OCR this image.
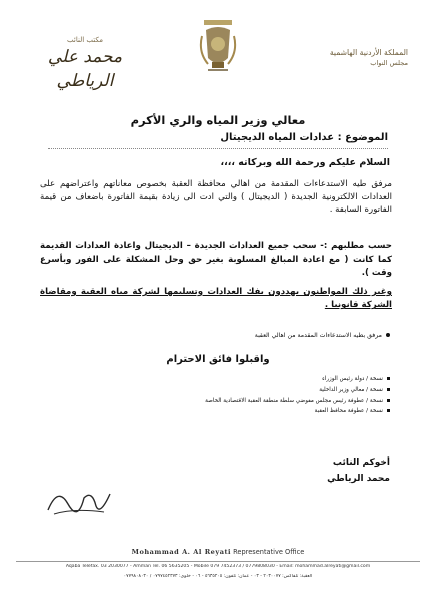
المملكة الأردنية الهاشمية
مجلس النواب
مكتب النائب
محمد علي الرياطي
معالي وزير المياه والري الأكرم
الموضوع : عدادات المياه الديجيتال
السلام عليكم ورحمة الله وبركاته ،،،،
مرفق طيه الاستدعاءات المقدمة من اهالي محافظة العقبة بخصوص معاناتهم واعتراضهم على العدادات الالكترونية الجديدة ( الديجيتال ) والتي ادت الى زيادة بقيمة الفاتورة باضعاف من قيمة الفاتورة السابقة .
حسب مطلبهم :- سحب جميع العدادات الجديدة – الديجيتال واعادة العدادات القديمة كما كانت ( مع اعادة المبالغ المسلوبة بغير حق وحل المشكلة على الفور وبأسرع وقت ).
وغير ذلك المواطنون يهددون بفك العدادات وتسليمها لشركة مياه العقبة ومقاضاة الشركة قانونيا .
مرفق بطيه الاستدعاءات المقدمة من اهالي العقبة
واقبلوا فائق الاحترام
نسخة / دولة رئيس الوزراء
نسخة / معالي وزير الداخلية
نسخة / عطوفة رئيس مجلس مفوضي سلطة منطقة العقبة الاقتصادية الخاصة
نسخة / عطوفة محافظ العقبة
أخوكم النائب
محمد الرياطي
Mohammad A. Al Reyati Representative Office
Aqaba Telefax. 03 2030077 - Amman Tel. 06 5635205 - Mobile 079 7452373 / 0779808030 - Email: mohammad.alreyati@gmail.com
العقبة: تلفاكس: ٢٠٣٠٠٧٧ - ٠٣ - عمان: تلفون: ٥٦٣٥٢٠٥ - ٠٦ - خلوي: ٠٧٩٧٤٥٢٣٧٣ / ٠٧٧٩٨٠٨٠٣٠
